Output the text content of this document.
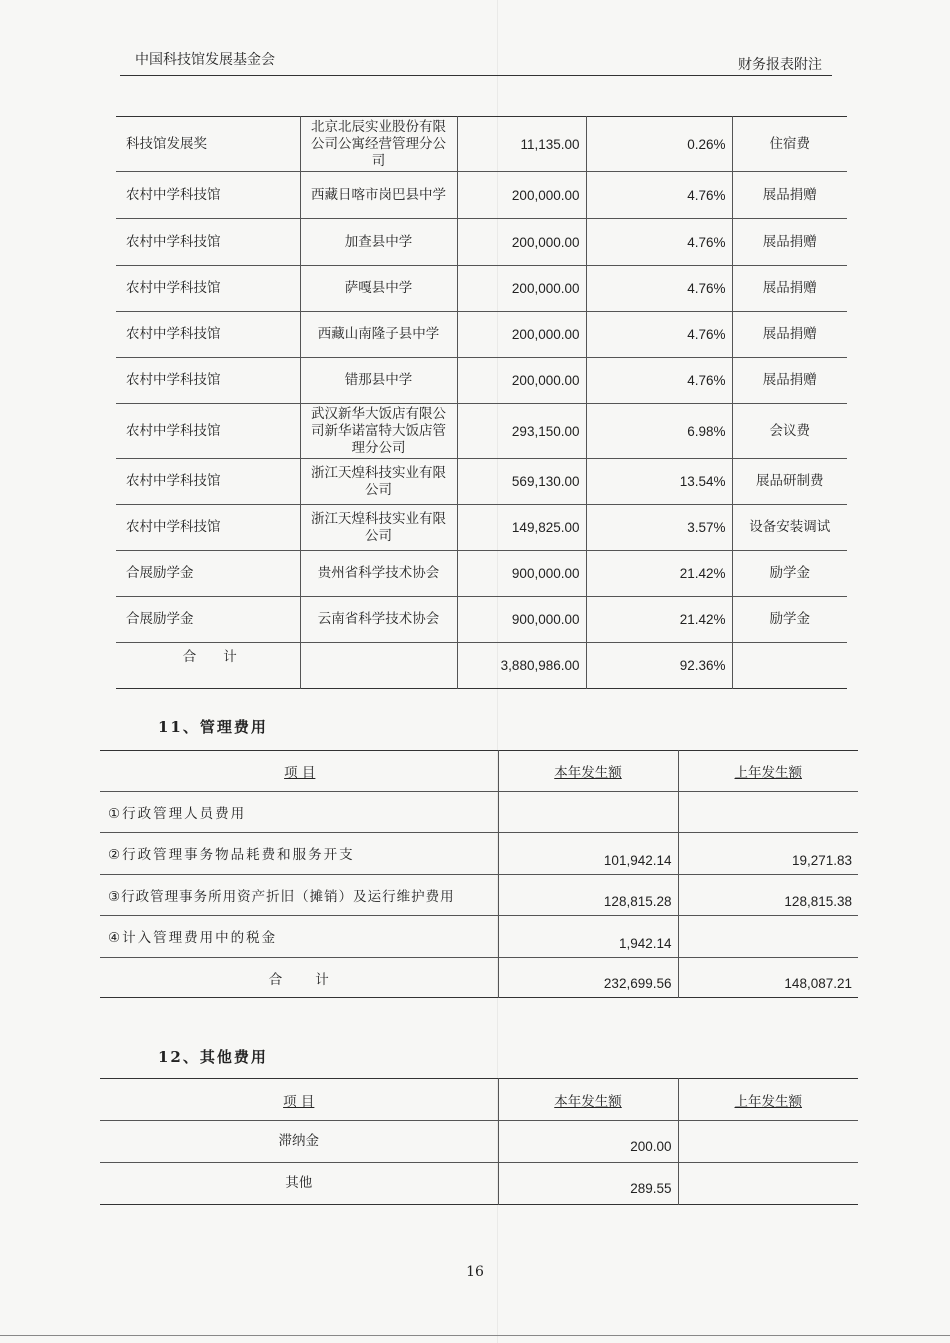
中国科技馆发展基金会	财务报表附注
科技馆发展奖	北京北辰实业股份有限公司公寓经营管理分公司	11,135.00	0.26%	住宿费
农村中学科技馆	西藏日喀市岗巴县中学	200,000.00	4.76%	展品捐赠
农村中学科技馆	加查县中学	200,000.00	4.76%	展品捐赠
农村中学科技馆	萨嘎县中学	200,000.00	4.76%	展品捐赠
农村中学科技馆	西藏山南隆子县中学	200,000.00	4.76%	展品捐赠
农村中学科技馆	错那县中学	200,000.00	4.76%	展品捐赠
农村中学科技馆	武汉新华大饭店有限公司新华诺富特大饭店管理分公司	293,150.00	6.98%	会议费
农村中学科技馆	浙江天煌科技实业有限公司	569,130.00	13.54%	展品研制费
农村中学科技馆	浙江天煌科技实业有限公司	149,825.00	3.57%	设备安装调试
合展励学金	贵州省科学技术协会	900,000.00	21.42%	励学金
合展励学金	云南省科学技术协会	900,000.00	21.42%	励学金
合　　计		3,880,986.00	92.36%	
11、管理费用
项 目	本年发生额	上年发生额
①行政管理人员费用		
②行政管理事务物品耗费和服务开支	101,942.14	19,271.83
③行政管理事务所用资产折旧（摊销）及运行维护费用	128,815.28	128,815.38
④计入管理费用中的税金	1,942.14	
合　　计	232,699.56	148,087.21
12、其他费用
项 目	本年发生额	上年发生额
滞纳金	200.00	
其他	289.55	
16
